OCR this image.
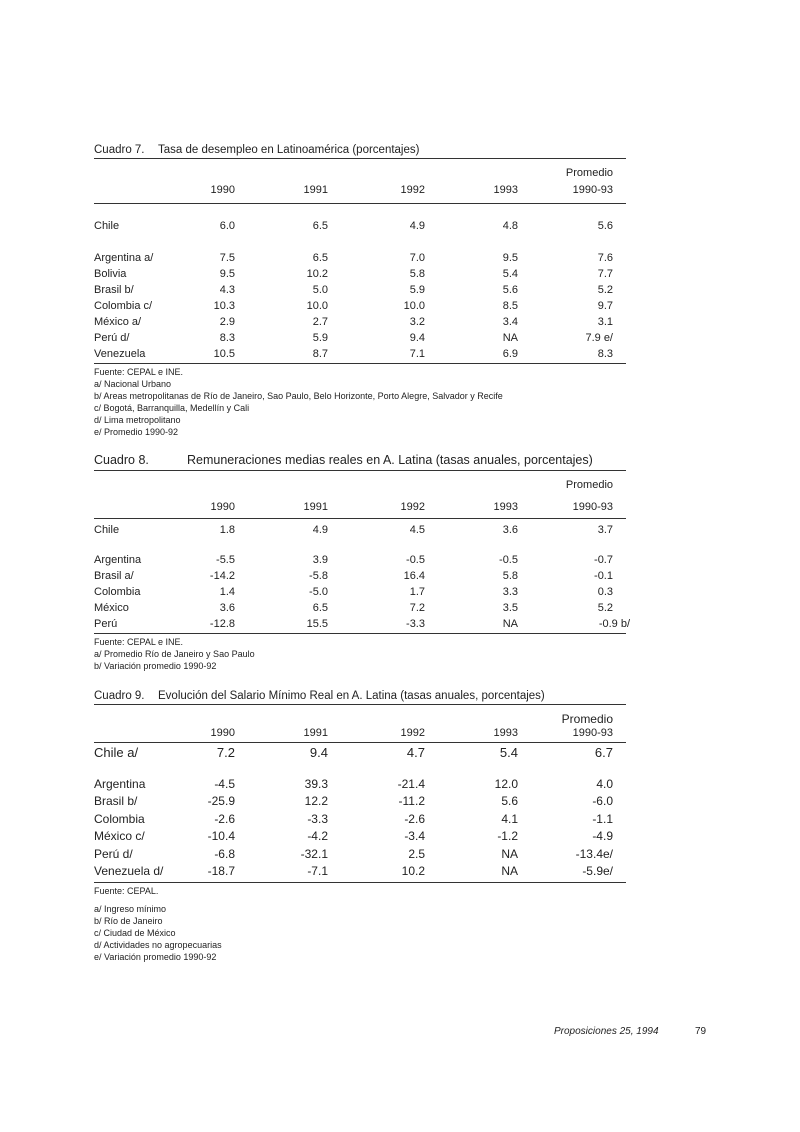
Cuadro 7. Tasa de desempleo en Latinoamérica (porcentajes)
Promedio
1990	1991	1992	1993	1990-93
Chile	6.0	6.5	4.9	4.8	5.6
Argentina a/	7.5	6.5	7.0	9.5	7.6
Bolivia	9.5	10.2	5.8	5.4	7.7
Brasil b/	4.3	5.0	5.9	5.6	5.2
Colombia c/	10.3	10.0	10.0	8.5	9.7
México a/	2.9	2.7	3.2	3.4	3.1
Perú d/	8.3	5.9	9.4	NA	7.9 e/
Venezuela	10.5	8.7	7.1	6.9	8.3
Fuente: CEPAL e INE.
a/ Nacional Urbano
b/ Areas metropolitanas de Río de Janeiro, Sao Paulo, Belo Horizonte, Porto Alegre, Salvador y Recife
c/ Bogotá, Barranquilla, Medellín y Cali
d/ Lima metropolitano
e/ Promedio 1990-92
Cuadro 8.	Remuneraciones medias reales en A. Latina (tasas anuales, porcentajes)
Promedio
1990	1991	1992	1993	1990-93
Chile	1.8	4.9	4.5	3.6	3.7
Argentina	-5.5	3.9	-0.5	-0.5	-0.7
Brasil a/	-14.2	-5.8	16.4	5.8	-0.1
Colombia	1.4	-5.0	1.7	3.3	0.3
México	3.6	6.5	7.2	3.5	5.2
Perú	-12.8	15.5	-3.3	NA	-0.9 b/
Fuente: CEPAL e INE.
a/ Promedio Río de Janeiro y Sao Paulo
b/ Variación promedio 1990-92
Cuadro 9. Evolución del Salario Mínimo Real en A. Latina (tasas anuales, porcentajes)
Promedio
1990	1991	1992	1993	1990-93
Chile a/	7.2	9.4	4.7	5.4	6.7
Argentina	-4.5	39.3	-21.4	12.0	4.0
Brasil b/	-25.9	12.2	-11.2	5.6	-6.0
Colombia	-2.6	-3.3	-2.6	4.1	-1.1
México c/	-10.4	-4.2	-3.4	-1.2	-4.9
Perú d/	-6.8	-32.1	2.5	NA	-13.4e/
Venezuela d/	-18.7	-7.1	10.2	NA	-5.9e/
Fuente: CEPAL.
a/ Ingreso mínimo
b/ Río de Janeiro
c/ Ciudad de México
d/ Actividades no agropecuarias
e/ Variación promedio 1990-92
Proposiciones 25, 1994	79
